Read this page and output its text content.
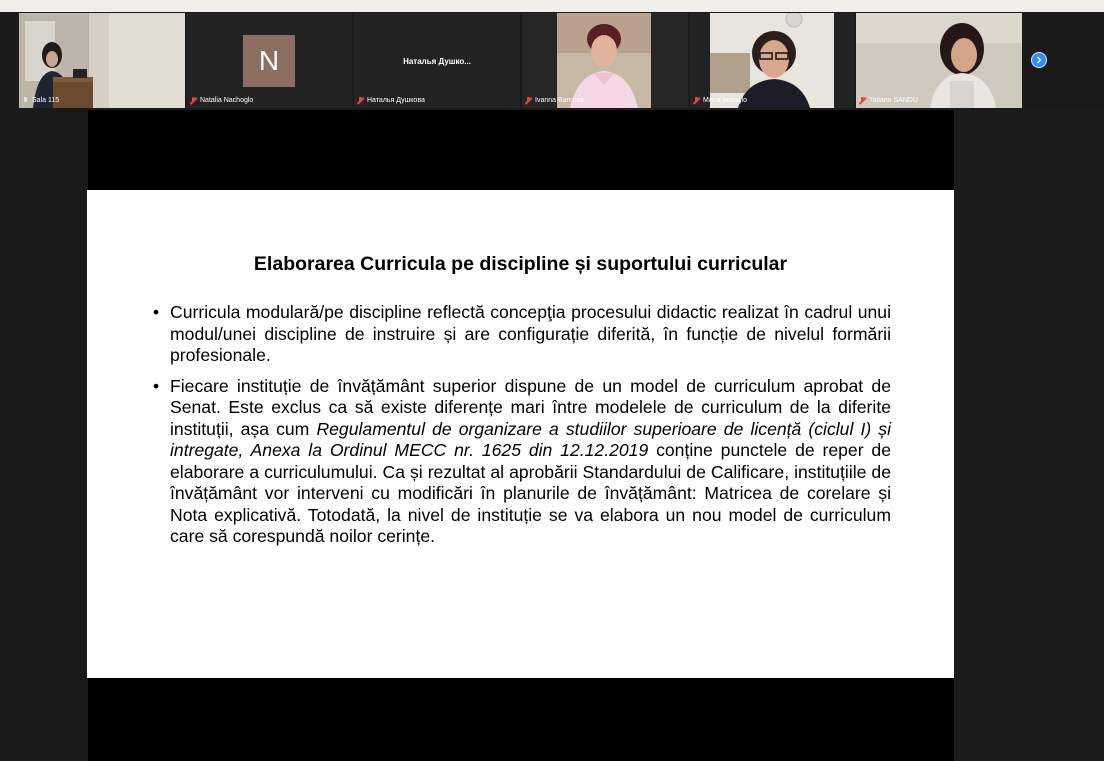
Sala 115
N
Natalia Nachoglo
Наталья Душко...
Наталья Душкова	Ivanna Barcova	Maria Ianioglo	Tatiana SANDU
Elaborarea Curricula pe discipline și suportului curricular
• Curricula modulară/pe discipline reflectă concepţia procesului didactic realizat în cadrul unui modul/unei discipline de instruire și are configurație diferită, în funcție de nivelul formării profesionale.
• Fiecare instituție de învățământ superior dispune de un model de curriculum aprobat de Senat. Este exclus ca să existe diferențe mari între modelele de curriculum de la diferite instituții, așa cum Regulamentul de organizare a studiilor superioare de licență (ciclul I) și intregate, Anexa la Ordinul MECC nr. 1625 din 12.12.2019 conține punctele de reper de elaborare a curriculumului. Ca și rezultat al aprobării Standardului de Calificare, instituțiile de învățământ vor interveni cu modificări în planurile de învățământ: Matricea de corelare și Nota explicativă. Totodată, la nivel de instituție se va elabora un nou model de curriculum care să corespundă noilor cerințe.
